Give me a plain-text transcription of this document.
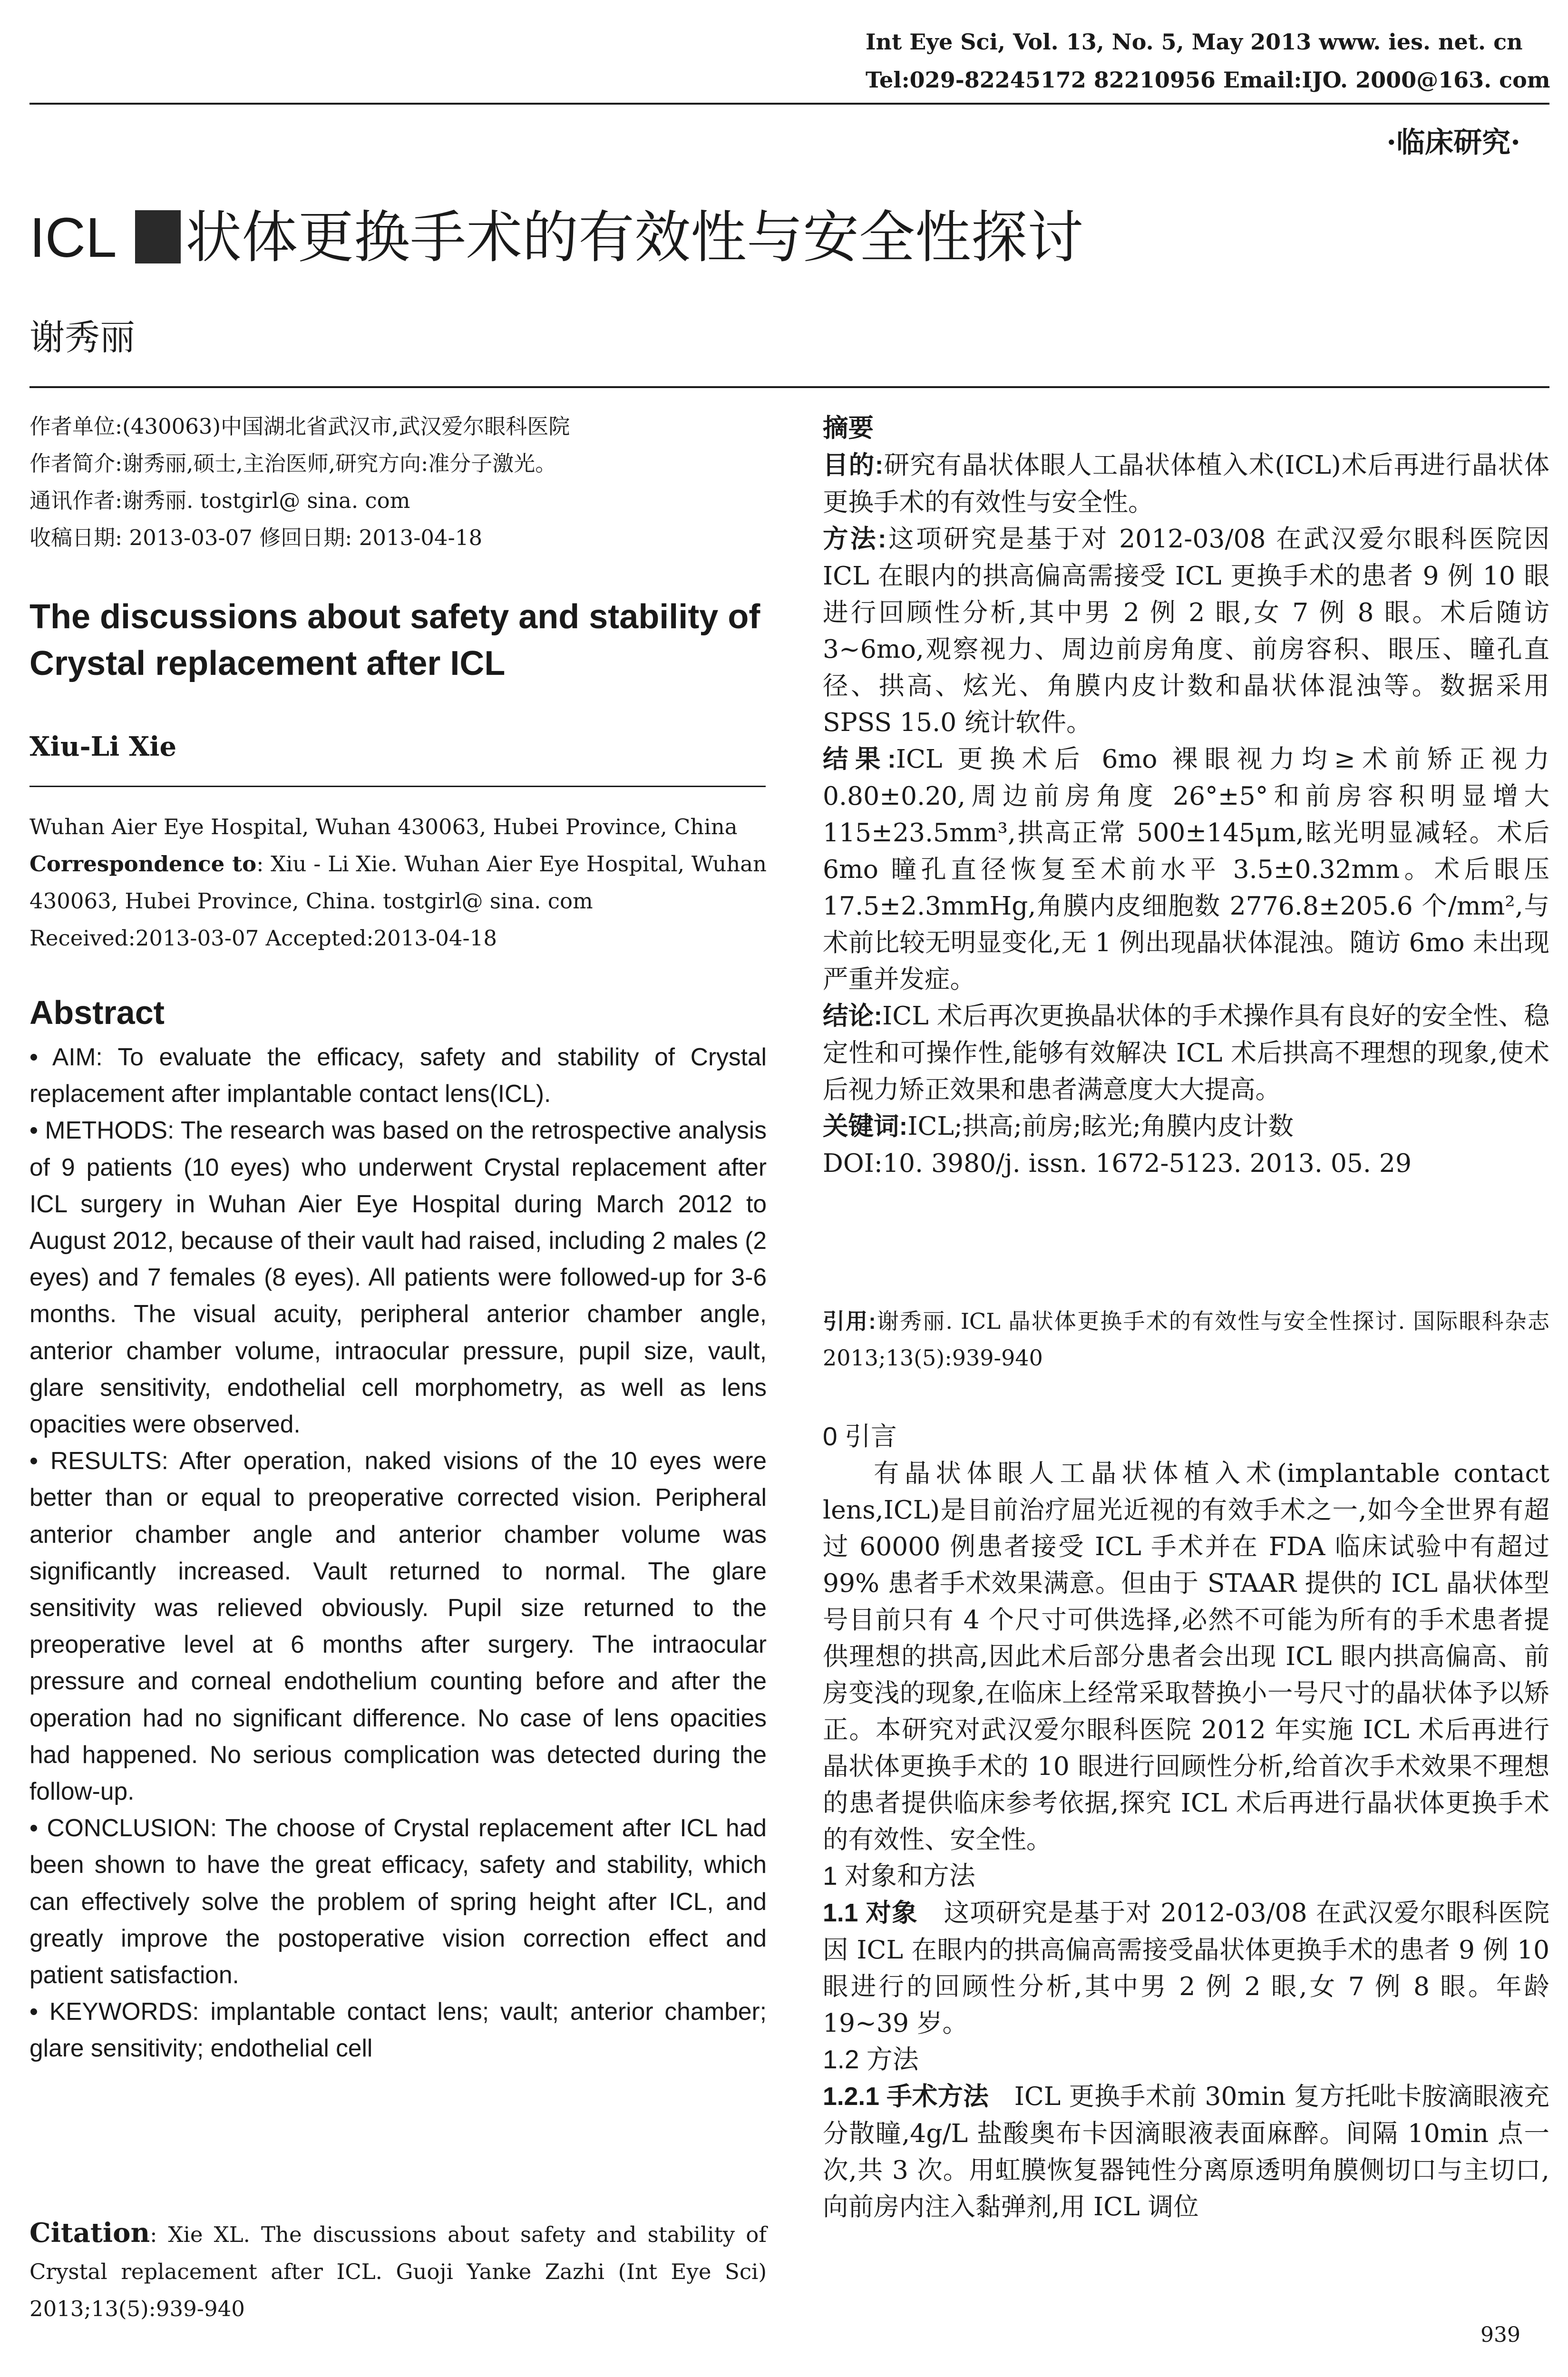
Int Eye Sci, Vol. 13, No. 5, May 2013 www. ies. net. cn
Tel:029-82245172 82210956 Email:IJO. 2000@163. com
·临床研究·
ICL 状体更换手术的有效性与安全性探讨
谢秀丽
作者单位:(430063)中国湖北省武汉市,武汉爱尔眼科医院
作者简介:谢秀丽,硕士,主治医师,研究方向:准分子激光。
通讯作者:谢秀丽. tostgirl@ sina. com
收稿日期: 2013-03-07 修回日期: 2013-04-18
The discussions about safety and stability of Crystal replacement after ICL
Xiu-Li Xie
Wuhan Aier Eye Hospital, Wuhan 430063, Hubei Province, China
Correspondence to: Xiu - Li Xie. Wuhan Aier Eye Hospital, Wuhan 430063, Hubei Province, China. tostgirl@ sina. com
Received:2013-03-07 Accepted:2013-04-18
Abstract

• AIM: To evaluate the efficacy, safety and stability of Crystal replacement after implantable contact lens(ICL).

• METHODS: The research was based on the retrospective analysis of 9 patients (10 eyes) who underwent Crystal replacement after ICL surgery in Wuhan Aier Eye Hospital during March 2012 to August 2012, because of their vault had raised, including 2 males (2 eyes) and 7 females (8 eyes). All patients were followed-up for 3-6 months. The visual acuity, peripheral anterior chamber angle, anterior chamber volume, intraocular pressure, pupil size, vault, glare sensitivity, endothelial cell morphometry, as well as lens opacities were observed.

• RESULTS: After operation, naked visions of the 10 eyes were better than or equal to preoperative corrected vision. Peripheral anterior chamber angle and anterior chamber volume was significantly increased. Vault returned to normal. The glare sensitivity was relieved obviously. Pupil size returned to the preoperative level at 6 months after surgery. The intraocular pressure and corneal endothelium counting before and after the operation had no significant difference. No case of lens opacities had happened. No serious complication was detected during the follow-up.

• CONCLUSION: The choose of Crystal replacement after ICL had been shown to have the great efficacy, safety and stability, which can effectively solve the problem of spring height after ICL, and greatly improve the postoperative vision correction effect and patient satisfaction.

• KEYWORDS: implantable contact lens; vault; anterior chamber; glare sensitivity; endothelial cell

Citation: Xie XL. The discussions about safety and stability of Crystal replacement after ICL. Guoji Yanke Zazhi (Int Eye Sci) 2013;13(5):939-940

摘要

目的:研究有晶状体眼人工晶状体植入术(ICL)术后再进行晶状体更换手术的有效性与安全性。

方法:这项研究是基于对 2012-03/08 在武汉爱尔眼科医院因 ICL 在眼内的拱高偏高需接受 ICL 更换手术的患者 9 例 10 眼进行回顾性分析,其中男 2 例 2 眼,女 7 例 8 眼。术后随访 3~6mo,观察视力、周边前房角度、前房容积、眼压、瞳孔直径、拱高、炫光、角膜内皮计数和晶状体混浊等。数据采用 SPSS 15.0 统计软件。

结果:ICL 更换术后 6mo 裸眼视力均≥术前矫正视力 0.80±0.20,周边前房角度 26°±5°和前房容积明显增大 115±23.5mm³,拱高正常 500±145μm,眩光明显减轻。术后 6mo 瞳孔直径恢复至术前水平 3.5±0.32mm。术后眼压 17.5±2.3mmHg,角膜内皮细胞数 2776.8±205.6 个/mm²,与术前比较无明显变化,无 1 例出现晶状体混浊。随访 6mo 未出现严重并发症。

结论:ICL 术后再次更换晶状体的手术操作具有良好的安全性、稳定性和可操作性,能够有效解决 ICL 术后拱高不理想的现象,使术后视力矫正效果和患者满意度大大提高。

关键词:ICL;拱高;前房;眩光;角膜内皮计数

DOI:10. 3980/j. issn. 1672-5123. 2013. 05. 29

引用:谢秀丽. ICL 晶状体更换手术的有效性与安全性探讨. 国际眼科杂志 2013;13(5):939-940

0 引言

有晶状体眼人工晶状体植入术(implantable contact lens,ICL)是目前治疗屈光近视的有效手术之一,如今全世界有超过 60000 例患者接受 ICL 手术并在 FDA 临床试验中有超过 99% 患者手术效果满意。但由于 STAAR 提供的 ICL 晶状体型号目前只有 4 个尺寸可供选择,必然不可能为所有的手术患者提供理想的拱高,因此术后部分患者会出现 ICL 眼内拱高偏高、前房变浅的现象,在临床上经常采取替换小一号尺寸的晶状体予以矫正。本研究对武汉爱尔眼科医院 2012 年实施 ICL 术后再进行晶状体更换手术的 10 眼进行回顾性分析,给首次手术效果不理想的患者提供临床参考依据,探究 ICL 术后再进行晶状体更换手术的有效性、安全性。

1 对象和方法

1.1 对象　 这项研究是基于对 2012-03/08 在武汉爱尔眼科医院因 ICL 在眼内的拱高偏高需接受晶状体更换手术的患者 9 例 10 眼进行的回顾性分析,其中男 2 例 2 眼,女 7 例 8 眼。年龄 19~39 岁。

1.2 方法

1.2.1 手术方法　 ICL 更换手术前 30min 复方托吡卡胺滴眼液充分散瞳,4g/L 盐酸奥布卡因滴眼液表面麻醉。间隔 10min 点一次,共 3 次。用虹膜恢复器钝性分离原透明角膜侧切口与主切口,向前房内注入黏弹剂,用 ICL 调位

939
